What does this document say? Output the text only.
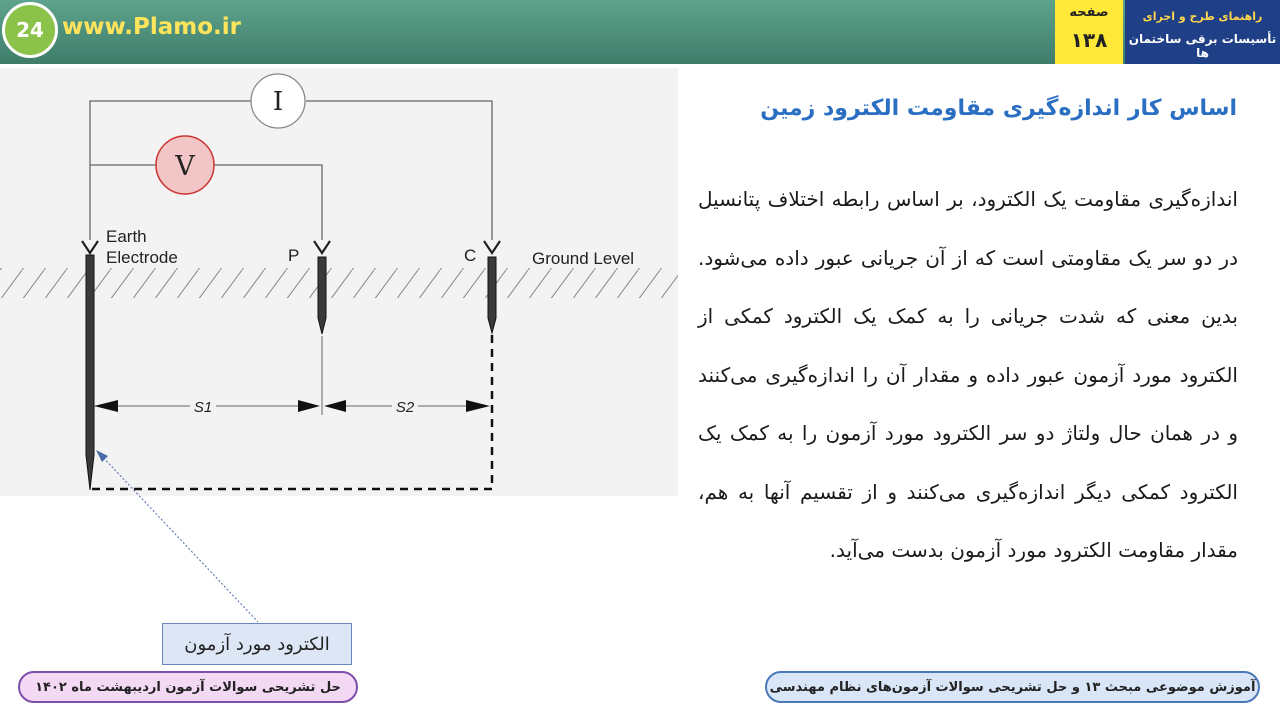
24 www.Plamo.ir
صفحه
۱۳۸
راهنمای طرح و اجرای
تأسیسات برقی ساختمان ها
I
V
S1	S2
Earth
Electrode	P	C	Ground Level
الکترود مورد آزمون
اساس کار اندازه‌گیری مقاومت الکترود زمین
اندازه‌گیری مقاومت یک الکترود، بر اساس رابطه اختلاف پتانسیل در دو سر یک مقاومتی است که از آن جریانی عبور داده می‌شود. بدین معنی که شدت جریانی را به کمک یک الکترود کمکی از الکترود مورد آزمون عبور داده و مقدار آن را اندازه‌گیری می‌کنند و در همان حال ولتاژ دو سر الکترود مورد آزمون را به کمک یک الکترود کمکی دیگر اندازه‌گیری می‌کنند و از تقسیم آنها به هم، مقدار مقاومت الکترود مورد آزمون بدست می‌آید.
حل تشریحی سوالات آزمون اردیبهشت ماه ۱۴۰۲	آموزش موضوعی مبحث ۱۳ و حل تشریحی سوالات آزمون‌های نظام مهندسی
